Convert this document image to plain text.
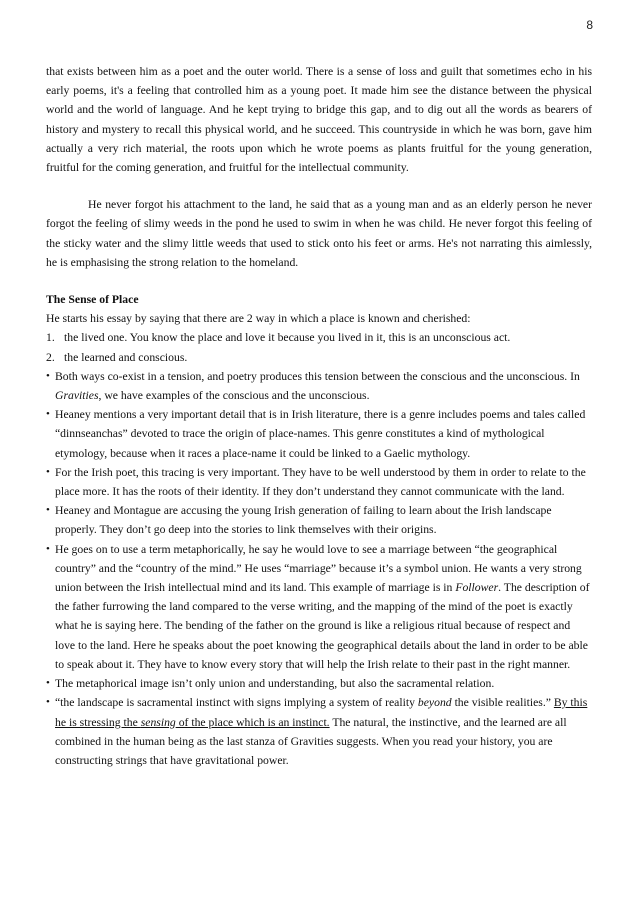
8

that exists between him as a poet and the outer world. There is a sense of loss and guilt that sometimes echo in his early poems, it's a feeling that controlled him as a young poet. It made him see the distance between the physical world and the world of language. And he kept trying to bridge this gap, and to dig out all the words as bearers of history and mystery to recall this physical world, and he succeed. This countryside in which he was born, gave him actually a very rich material, the roots upon which he wrote poems as plants fruitful for the young generation, fruitful for the coming generation, and fruitful for the intellectual community.

He never forgot his attachment to the land, he said that as a young man and as an elderly person he never forgot the feeling of slimy weeds in the pond he used to swim in when he was child. He never forgot this feeling of the sticky water and the slimy little weeds that used to stick onto his feet or arms. He's not narrating this aimlessly, he is emphasising the strong relation to the homeland.

The Sense of Place

He starts his essay by saying that there are 2 way in which a place is known and cherished:

1. the lived one. You know the place and love it because you lived in it, this is an unconscious act.
2. the learned and conscious.
• Both ways co-exist in a tension, and poetry produces this tension between the conscious and the unconscious. In Gravities, we have examples of the conscious and the unconscious.
• Heaney mentions a very important detail that is in Irish literature, there is a genre includes poems and tales called “dinnseanchas” devoted to trace the origin of place-names. This genre constitutes a kind of mythological etymology, because when it races a place-name it could be linked to a Gaelic mythology.
• For the Irish poet, this tracing is very important. They have to be well understood by them in order to relate to the place more. It has the roots of their identity. If they don’t understand they cannot communicate with the land.
• Heaney and Montague are accusing the young Irish generation of failing to learn about the Irish landscape properly. They don’t go deep into the stories to link themselves with their origins.
• He goes on to use a term metaphorically, he say he would love to see a marriage between “the geographical country” and the “country of the mind.” He uses “marriage” because it’s a symbol union. He wants a very strong union between the Irish intellectual mind and its land. This example of marriage is in Follower. The description of the father furrowing the land compared to the verse writing, and the mapping of the mind of the poet is exactly what he is saying here. The bending of the father on the ground is like a religious ritual because of respect and love to the land. Here he speaks about the poet knowing the geographical details about the land in order to be able to speak about it. They have to know every story that will help the Irish relate to their past in the right manner.
• The metaphorical image isn’t only union and understanding, but also the sacramental relation.
• “the landscape is sacramental instinct with signs implying a system of reality beyond the visible realities.” By this he is stressing the sensing of the place which is an instinct. The natural, the instinctive, and the learned are all combined in the human being as the last stanza of Gravities suggests. When you read your history, you are constructing strings that have gravitational power.
